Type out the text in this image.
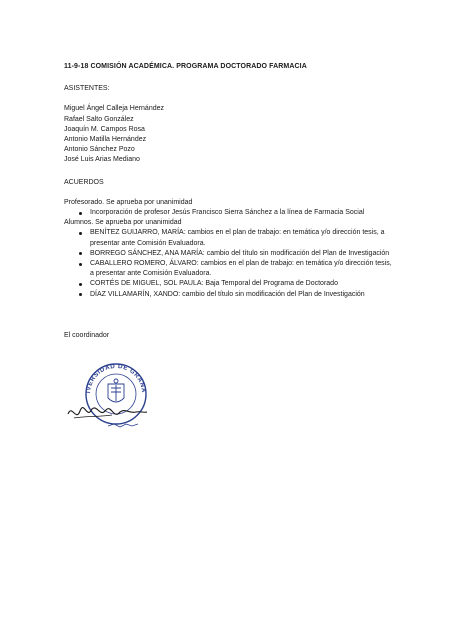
11-9-18 COMISIÓN ACADÉMICA. PROGRAMA DOCTORADO FARMACIA
ASISTENTES:
Miguel Ángel Calleja Hernández
Rafael Salto González
Joaquín M. Campos Rosa
Antonio Matilla Hernández
Antonio Sánchez Pozo
José Luis Arias Mediano
ACUERDOS
Profesorado. Se aprueba por unanimidad
Incorporación de profesor Jesús Francisco Sierra Sánchez a la línea de Farmacia Social
Alumnos. Se aprueba por unanimidad
BENÍTEZ GUIJARRO, MARÍA: cambios en el plan de trabajo: en temática y/o dirección tesis, a presentar ante Comisión Evaluadora.
BORREGO SÁNCHEZ, ANA MARÍA: cambio del título sin modificación del Plan de Investigación
CABALLERO ROMERO, ÁLVARO: cambios en el plan de trabajo: en temática y/o dirección tesis, a presentar ante Comisión Evaluadora.
CORTÉS DE MIGUEL, SOL PAULA: Baja Temporal del Programa de Doctorado
DÍAZ VILLAMARÍN, XANDO: cambio del título sin modificación del Plan de Investigación
El coordinador
IVERSIDAD DE GRANA
